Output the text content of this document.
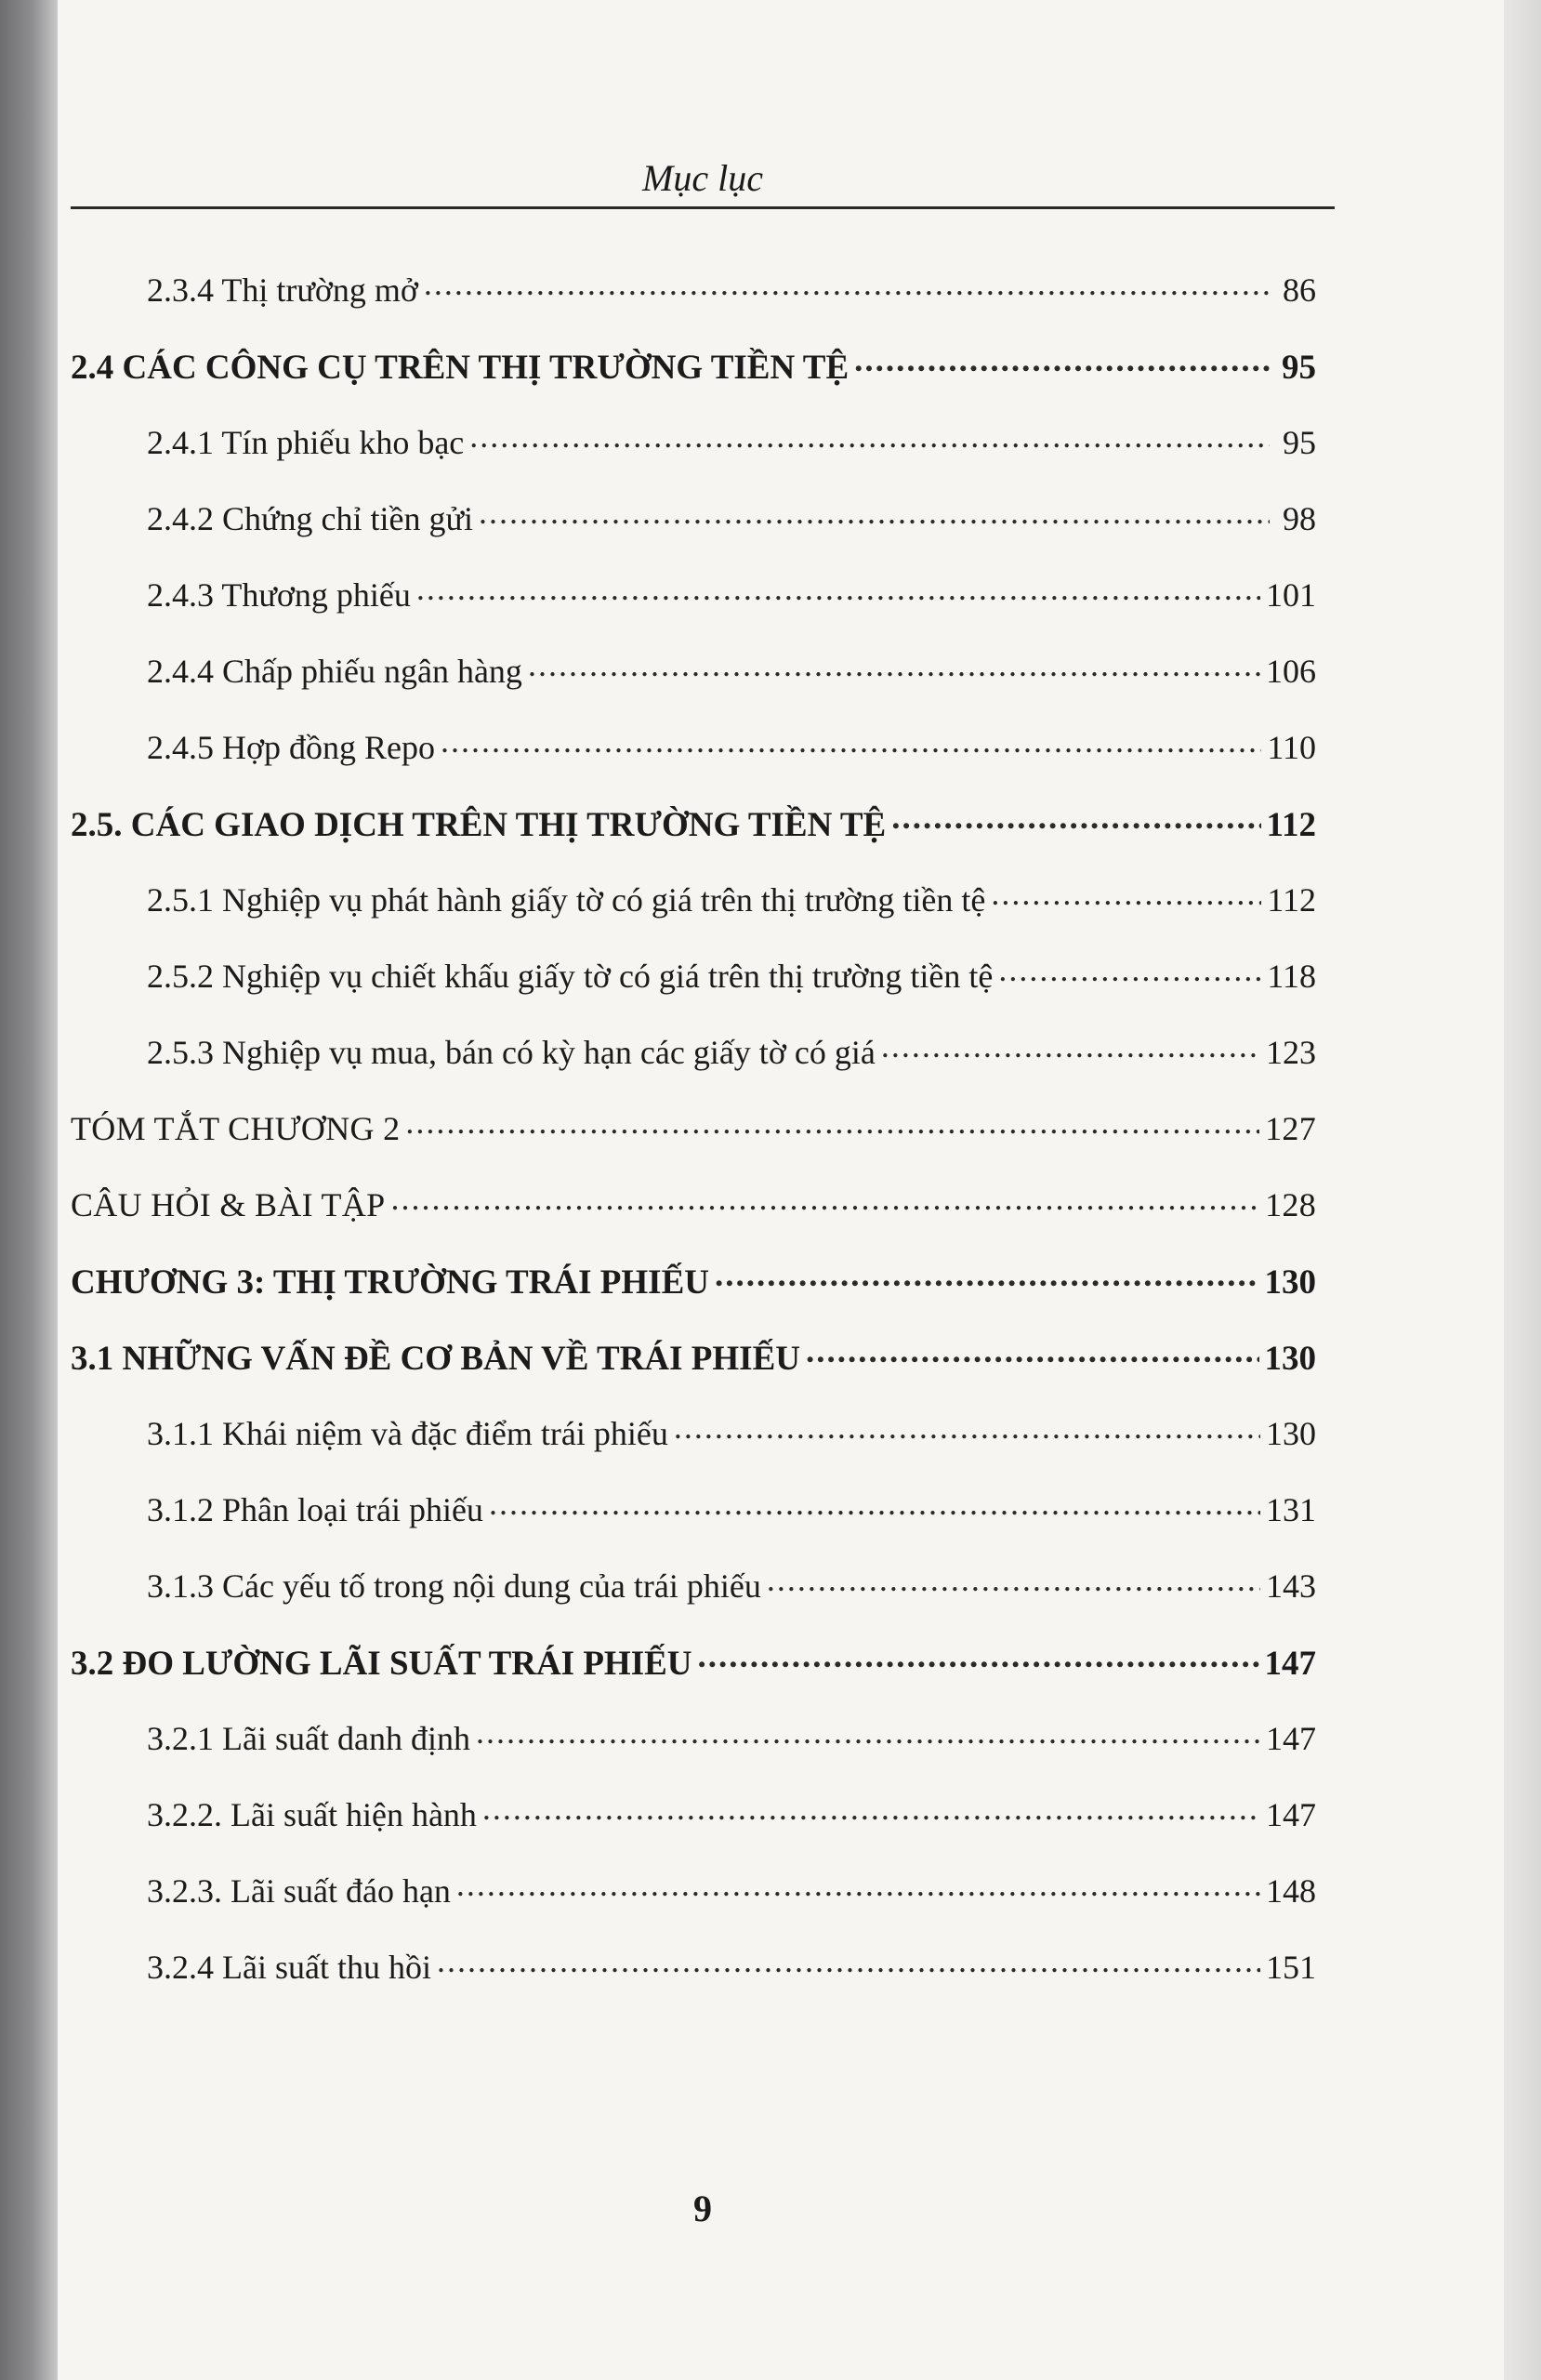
Mục lục
2.3.4 Thị trường mở .....	86
2.4 CÁC CÔNG CỤ TRÊN THỊ TRƯỜNG TIỀN TỆ .....	95
2.4.1 Tín phiếu kho bạc .....	95
2.4.2 Chứng chỉ tiền gửi .....	98
2.4.3 Thương phiếu .....	101
2.4.4 Chấp phiếu ngân hàng .....	106
2.4.5 Hợp đồng Repo .....	110
2.5. CÁC GIAO DỊCH TRÊN THỊ TRƯỜNG TIỀN TỆ .....	112
2.5.1 Nghiệp vụ phát hành giấy tờ có giá trên thị trường tiền tệ .....	112
2.5.2 Nghiệp vụ chiết khấu giấy tờ có giá trên thị trường tiền tệ .....	118
2.5.3 Nghiệp vụ mua, bán có kỳ hạn các giấy tờ có giá .....	123
TÓM TẮT CHƯƠNG 2 .....	127
CÂU HỎI & BÀI TẬP .....	128
CHƯƠNG 3: THỊ TRƯỜNG TRÁI PHIẾU .....	130
3.1 NHỮNG VẤN ĐỀ CƠ BẢN VỀ TRÁI PHIẾU .....	130
3.1.1 Khái niệm và đặc điểm trái phiếu .....	130
3.1.2 Phân loại trái phiếu .....	131
3.1.3 Các yếu tố trong nội dung của trái phiếu .....	143
3.2 ĐO LƯỜNG LÃI SUẤT TRÁI PHIẾU .....	147
3.2.1 Lãi suất danh định .....	147
3.2.2. Lãi suất hiện hành .....	147
3.2.3. Lãi suất đáo hạn .....	148
3.2.4 Lãi suất thu hồi .....	151
9
